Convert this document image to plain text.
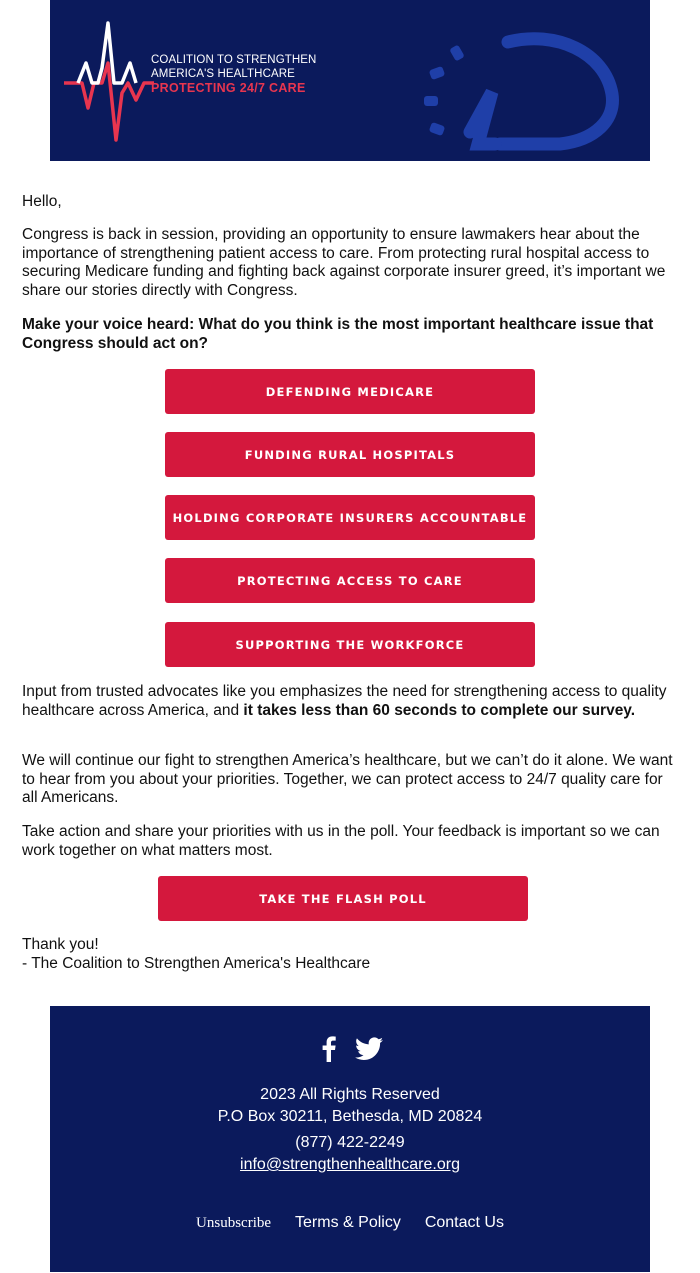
COALITION TO STRENGTHEN
AMERICA'S HEALTHCARE
PROTECTING 24/7 CARE
Hello,
Congress is back in session, providing an opportunity to ensure lawmakers hear about the importance of strengthening patient access to care. From protecting rural hospital access to securing Medicare funding and fighting back against corporate insurer greed, it’s important we share our stories directly with Congress.
Make your voice heard: What do you think is the most important healthcare issue that Congress should act on?
Input from trusted advocates like you emphasizes the need for strengthening access to quality healthcare across America, and it takes less than 60 seconds to complete our survey.
We will continue our fight to strengthen America’s healthcare, but we can’t do it alone. We want to hear from you about your priorities. Together, we can protect access to 24/7 quality care for all Americans.
Take action and share your priorities with us in the poll. Your feedback is important so we can work together on what matters most.
Thank you!
- The Coalition to Strengthen America's Healthcare
DEFENDING MEDICARE
FUNDING RURAL HOSPITALS
HOLDING CORPORATE INSURERS ACCOUNTABLE
PROTECTING ACCESS TO CARE
SUPPORTING THE WORKFORCE
TAKE THE FLASH POLL
2023 All Rights Reserved
P.O Box 30211, Bethesda, MD 20824
(877) 422-2249
info@strengthenhealthcare.org
Unsubscribe Terms & Policy Contact Us
